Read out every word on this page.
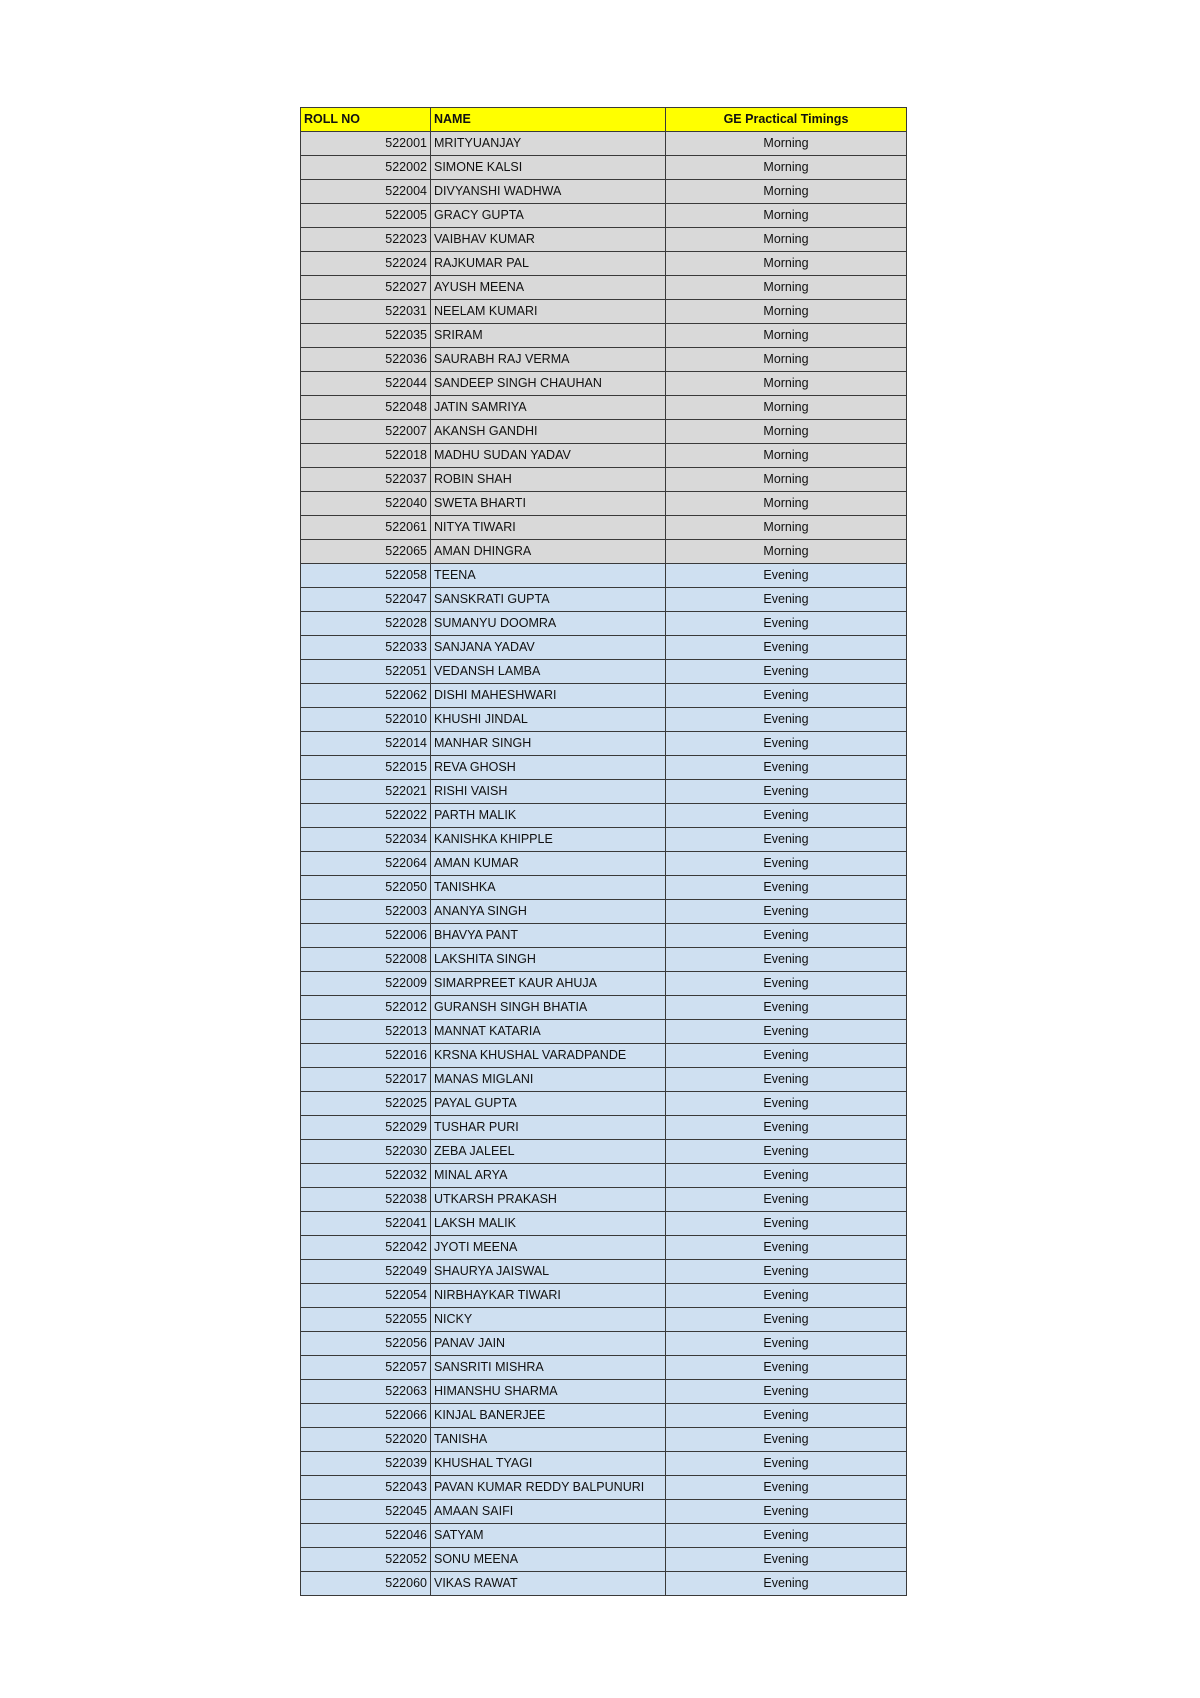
ROLL NO	NAME	GE Practical Timings
522001	MRITYUANJAY	Morning
522002	SIMONE KALSI	Morning
522004	DIVYANSHI WADHWA	Morning
522005	GRACY GUPTA	Morning
522023	VAIBHAV KUMAR	Morning
522024	RAJKUMAR PAL	Morning
522027	AYUSH MEENA	Morning
522031	NEELAM KUMARI	Morning
522035	SRIRAM	Morning
522036	SAURABH RAJ VERMA	Morning
522044	SANDEEP SINGH CHAUHAN	Morning
522048	JATIN SAMRIYA	Morning
522007	AKANSH GANDHI	Morning
522018	MADHU SUDAN YADAV	Morning
522037	ROBIN SHAH	Morning
522040	SWETA BHARTI	Morning
522061	NITYA TIWARI	Morning
522065	AMAN DHINGRA	Morning
522058	TEENA	Evening
522047	SANSKRATI GUPTA	Evening
522028	SUMANYU DOOMRA	Evening
522033	SANJANA YADAV	Evening
522051	VEDANSH LAMBA	Evening
522062	DISHI MAHESHWARI	Evening
522010	KHUSHI JINDAL	Evening
522014	MANHAR SINGH	Evening
522015	REVA GHOSH	Evening
522021	RISHI VAISH	Evening
522022	PARTH MALIK	Evening
522034	KANISHKA KHIPPLE	Evening
522064	AMAN KUMAR	Evening
522050	TANISHKA	Evening
522003	ANANYA SINGH	Evening
522006	BHAVYA PANT	Evening
522008	LAKSHITA SINGH	Evening
522009	SIMARPREET KAUR AHUJA	Evening
522012	GURANSH SINGH BHATIA	Evening
522013	MANNAT KATARIA	Evening
522016	KRSNA KHUSHAL VARADPANDE	Evening
522017	MANAS MIGLANI	Evening
522025	PAYAL GUPTA	Evening
522029	TUSHAR PURI	Evening
522030	ZEBA JALEEL	Evening
522032	MINAL ARYA	Evening
522038	UTKARSH PRAKASH	Evening
522041	LAKSH MALIK	Evening
522042	JYOTI MEENA	Evening
522049	SHAURYA JAISWAL	Evening
522054	NIRBHAYKAR TIWARI	Evening
522055	NICKY	Evening
522056	PANAV JAIN	Evening
522057	SANSRITI MISHRA	Evening
522063	HIMANSHU SHARMA	Evening
522066	KINJAL BANERJEE	Evening
522020	TANISHA	Evening
522039	KHUSHAL TYAGI	Evening
522043	PAVAN KUMAR REDDY BALPUNURI	Evening
522045	AMAAN SAIFI	Evening
522046	SATYAM	Evening
522052	SONU MEENA	Evening
522060	VIKAS RAWAT	Evening
